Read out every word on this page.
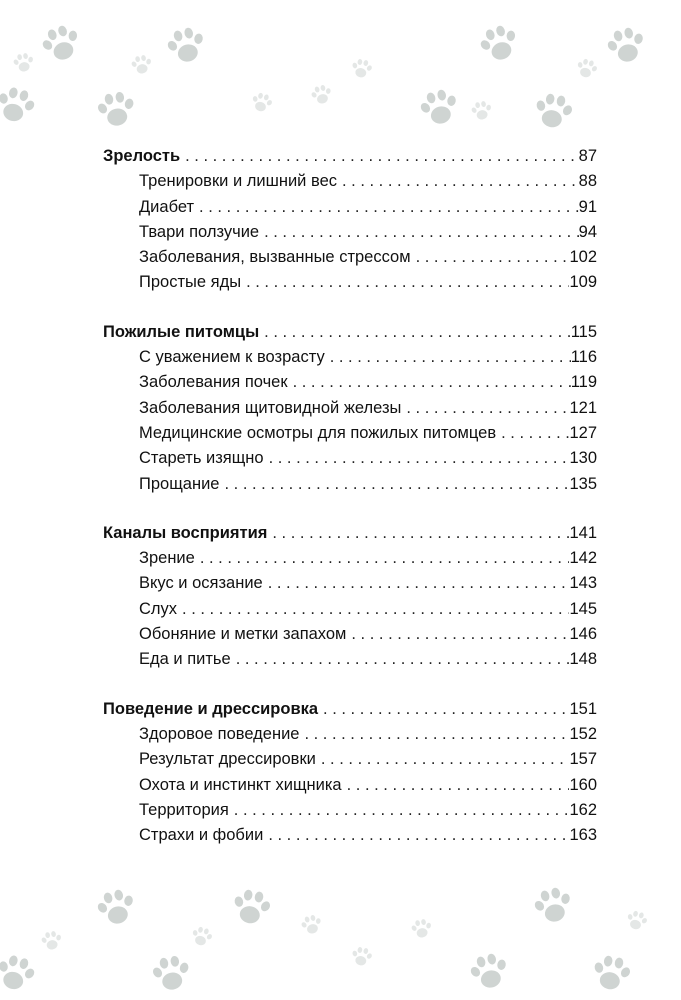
Зрелость . . .	87
Тренировки и лишний вес . . .	88
Диабет . . .	91
Твари ползучие . . .	94
Заболевания, вызванные стрессом . . .	102
Простые яды . . .	109
Пожилые питомцы . . .	115
С уважением к возрасту . . .	116
Заболевания почек . . .	119
Заболевания щитовидной железы . . .	121
Медицинские осмотры для пожилых питомцев . . .	127
Стареть изящно . . .	130
Прощание . . .	135
Каналы восприятия . . .	141
Зрение . . .	142
Вкус и осязание . . .	143
Слух . . .	145
Обоняние и метки запахом . . .	146
Еда и питье . . .	148
Поведение и дрессировка . . .	151
Здоровое поведение . . .	152
Результат дрессировки . . .	157
Охота и инстинкт хищника . . .	160
Территория . . .	162
Страхи и фобии . . .	163
